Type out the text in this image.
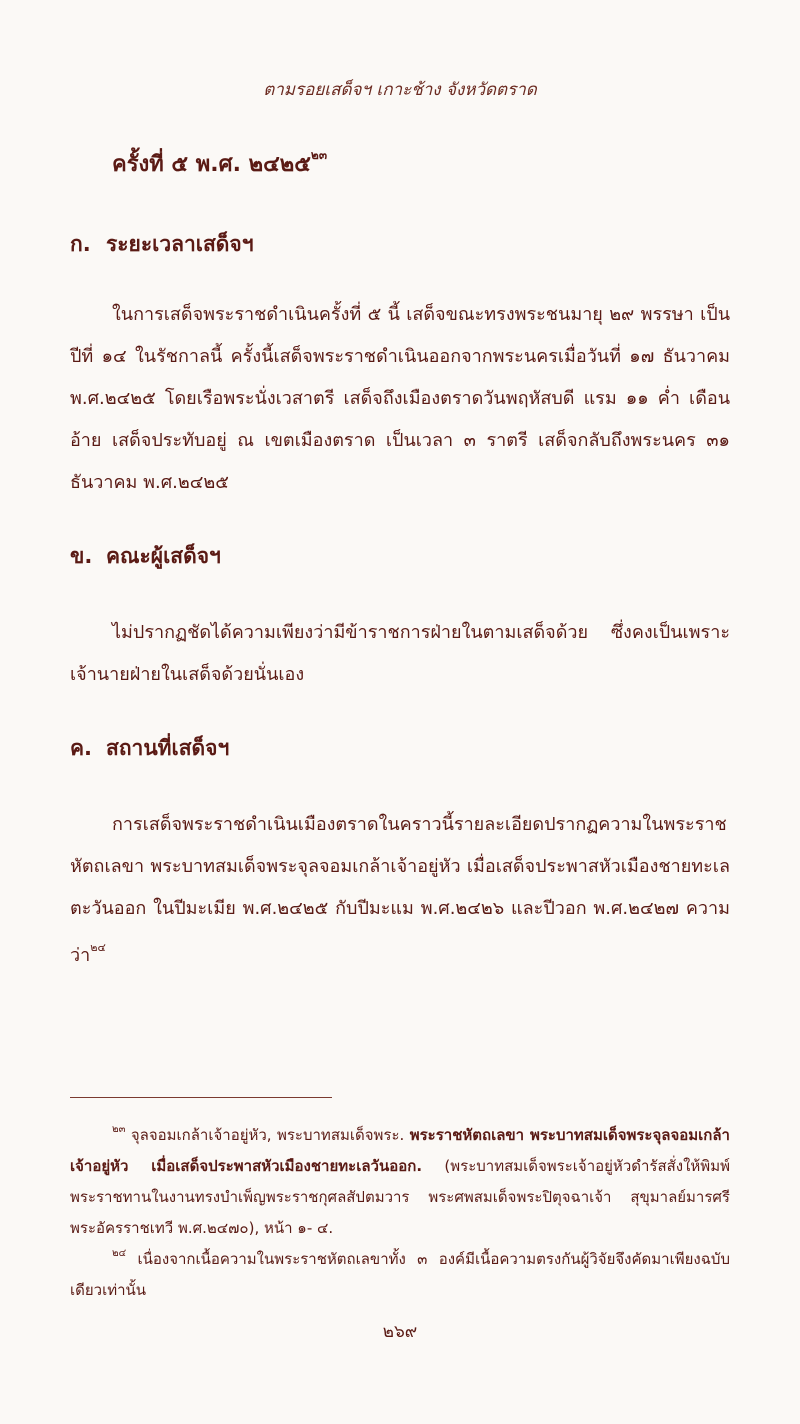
ตามรอยเสด็จฯ เกาะช้าง จังหวัดตราด
ครั้งที่ ๕ พ.ศ. ๒๔๒๕$^{๒๓}$
ก. ระยะเวลาเสด็จฯ
ในการเสด็จพระราชดำเนินครั้งที่ ๕ นี้ เสด็จขณะทรงพระชนมายุ ๒๙ พรรษา เป็นปีที่ ๑๔ ในรัชกาลนี้ ครั้งนี้เสด็จพระราชดำเนินออกจากพระนครเมื่อวันที่ ๑๗ ธันวาคม พ.ศ.๒๔๒๕ โดยเรือพระนั่งเวสาตรี เสด็จถึงเมืองตราดวันพฤหัสบดี แรม ๑๑ ค่ำ เดือนอ้าย เสด็จประทับอยู่ ณ เขตเมืองตราด เป็นเวลา ๓ ราตรี เสด็จกลับถึงพระนคร ๓๑ ธันวาคม พ.ศ.๒๔๒๕
ข. คณะผู้เสด็จฯ
ไม่ปรากฏชัดได้ความเพียงว่ามีข้าราชการฝ่ายในตามเสด็จด้วย ซึ่งคงเป็นเพราะเจ้านายฝ่ายในเสด็จด้วยนั่นเอง
ค. สถานที่เสด็จฯ
การเสด็จพระราชดำเนินเมืองตราดในคราวนี้รายละเอียดปรากฏความในพระราชหัตถเลขา พระบาทสมเด็จพระจุลจอมเกล้าเจ้าอยู่หัว เมื่อเสด็จประพาสหัวเมืองชายทะเลตะวันออก ในปีมะเมีย พ.ศ.๒๔๒๕ กับปีมะแม พ.ศ.๒๔๒๖ และปีวอก พ.ศ.๒๔๒๗ ความว่า$^{๒๔}$
$^{๒๓}$ จุลจอมเกล้าเจ้าอยู่หัว, พระบาทสมเด็จพระ. พระราชหัตถเลขา พระบาทสมเด็จพระจุลจอมเกล้าเจ้าอยู่หัว เมื่อเสด็จประพาสหัวเมืองชายทะเลวันออก. (พระบาทสมเด็จพระเจ้าอยู่หัวดำรัสสั่งให้พิมพ์พระราชทานในงานทรงบำเพ็ญพระราชกุศลสัปตมวาร พระศพสมเด็จพระปิตุจฉาเจ้า สุขุมาลย์มารศรี พระอัครราชเทวี พ.ศ.๒๔๗๐), หน้า ๑- ๔.
$^{๒๔}$ เนื่องจากเนื้อความในพระราชหัตถเลขาทั้ง ๓ องค์มีเนื้อความตรงกันผู้วิจัยจึงคัดมาเพียงฉบับเดียวเท่านั้น
๒๖๙
